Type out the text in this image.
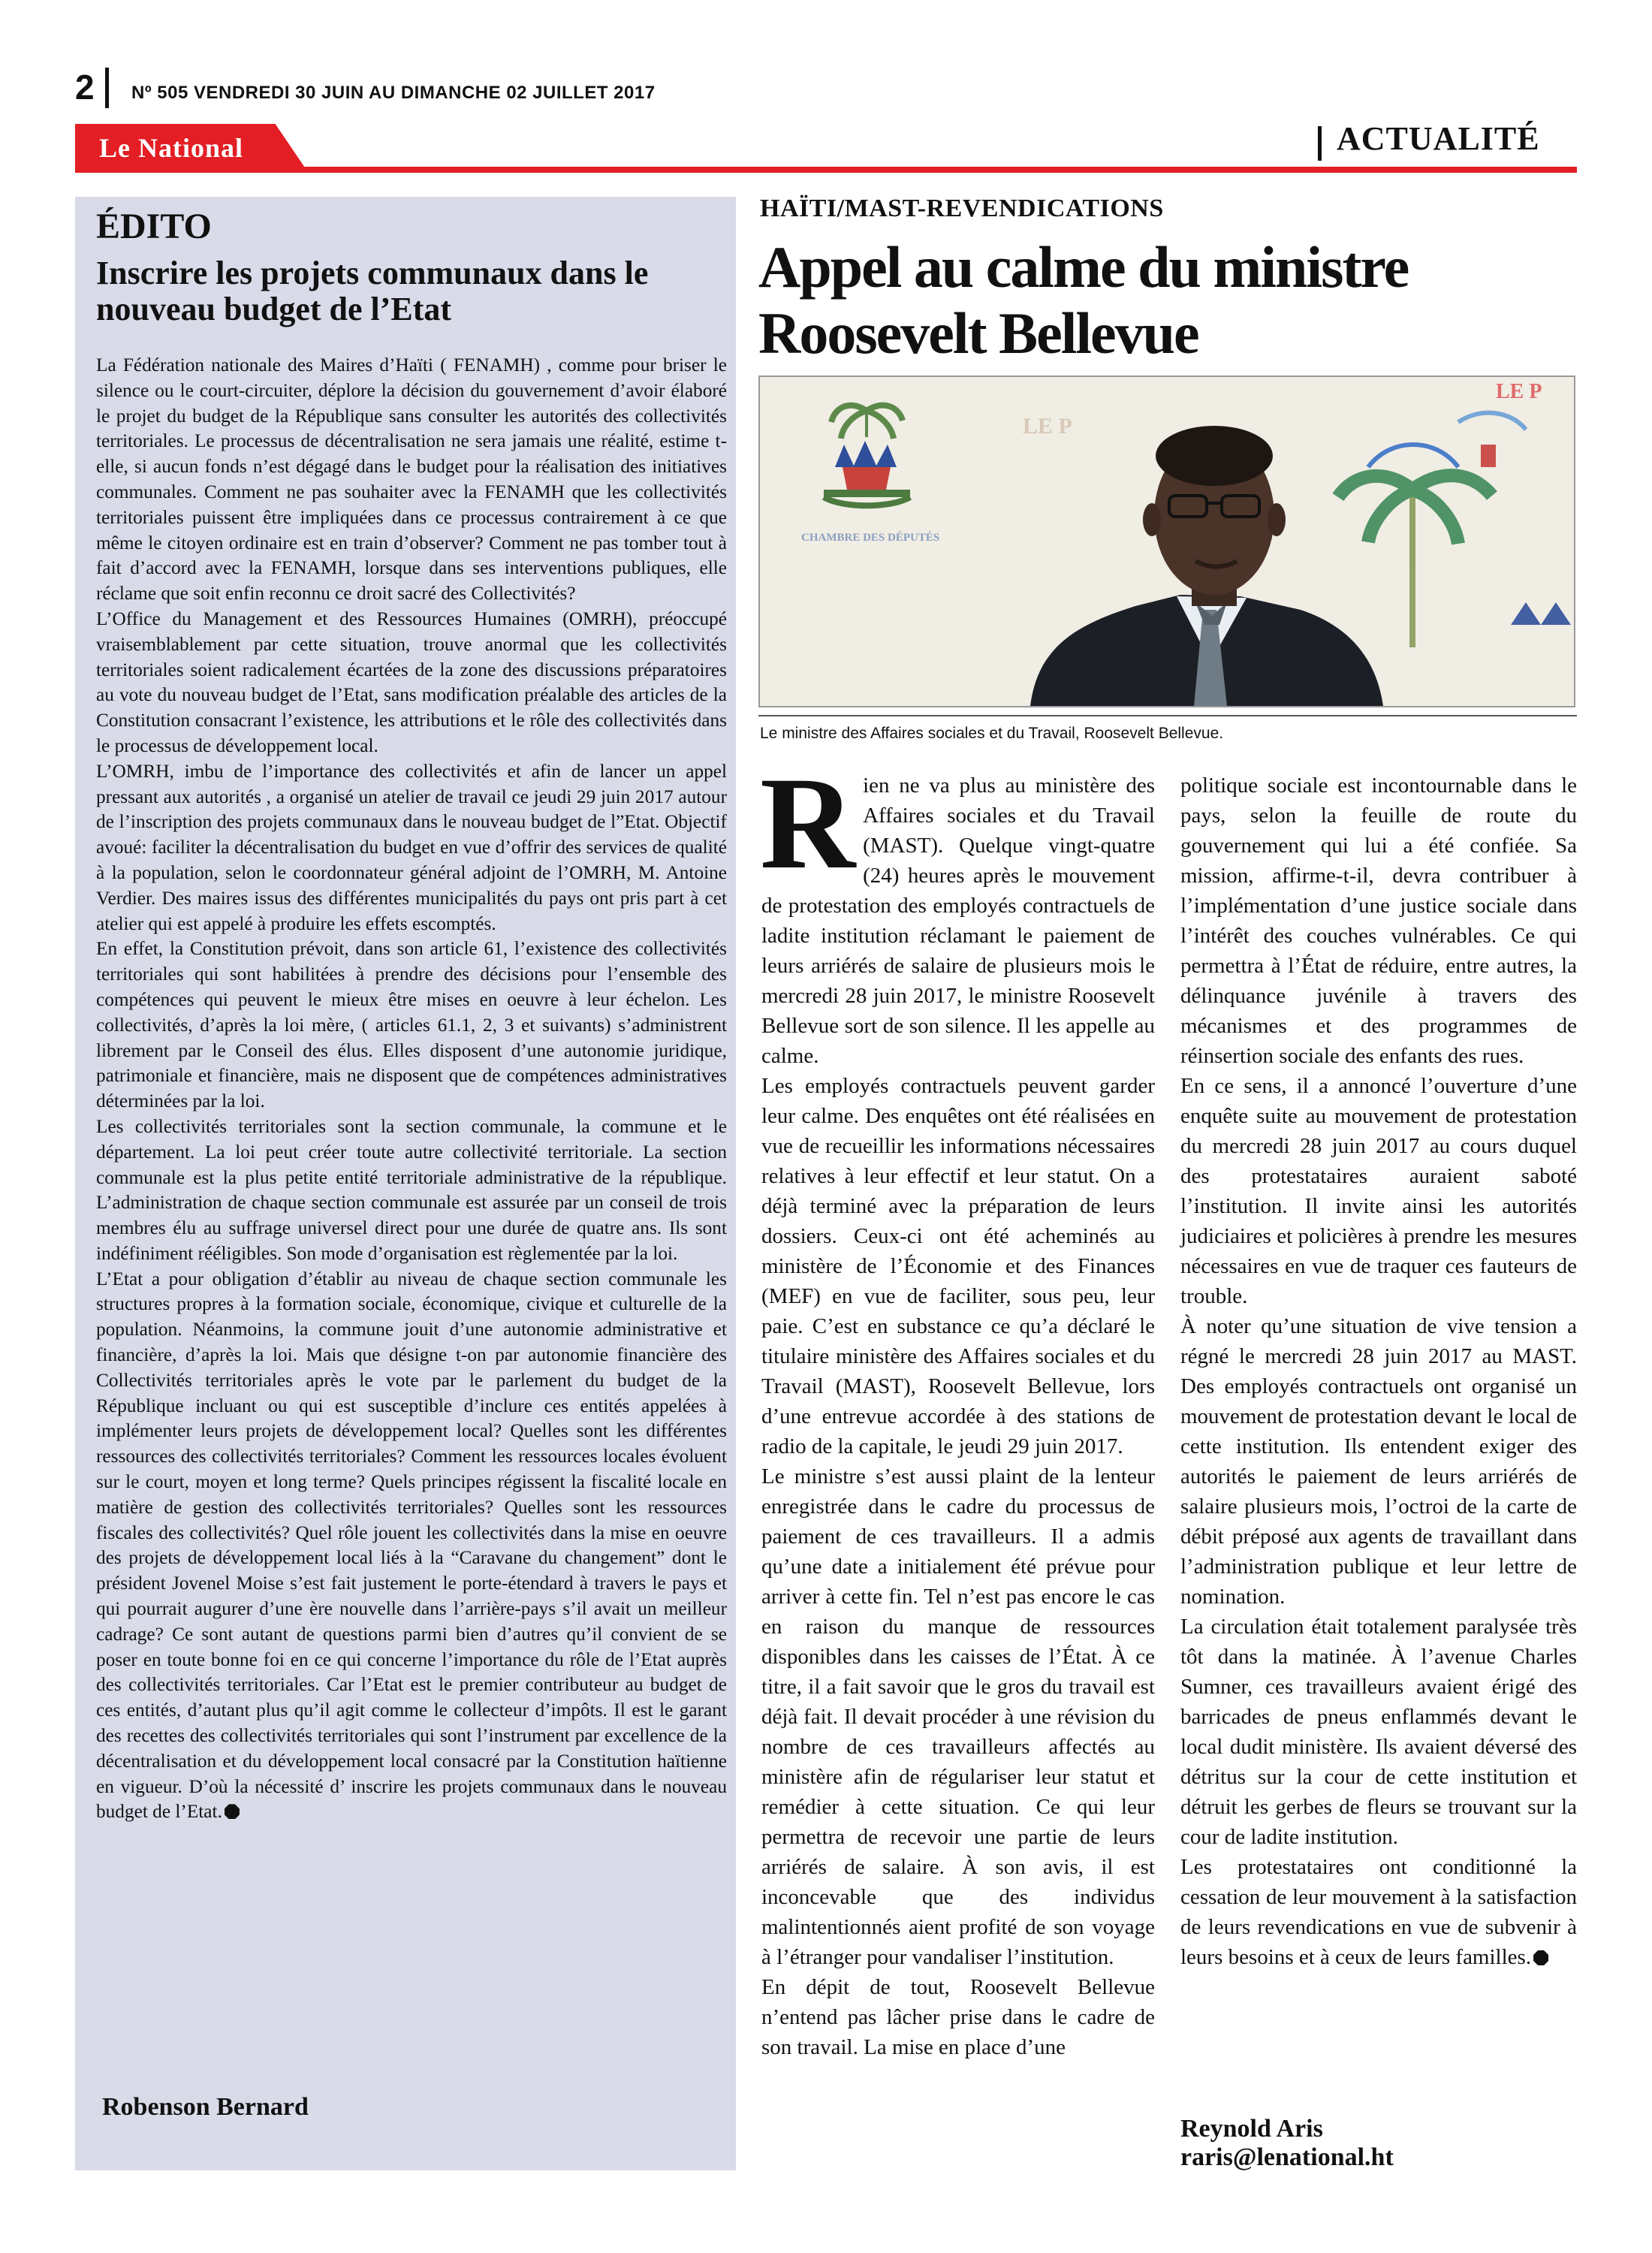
2 Nº 505 VENDREDI 30 JUIN AU DIMANCHE 02 JUILLET 2017
Le National	ACTUALITÉ
ÉDITO
Inscrire les projets communaux dans le nouveau budget de l’Etat

La Fédération nationale des Maires d’Haïti ( FENAMH) , comme pour briser le silence ou le court-circuiter, déplore la décision du gouvernement d’avoir élaboré le projet du budget de la République sans consulter les autorités des collectivités territoriales. Le processus de décentralisation ne sera jamais une réalité, estime t-elle, si aucun fonds n’est dégagé dans le budget pour la réalisation des initiatives communales. Comment ne pas souhaiter avec la FENAMH que les collectivités territoriales puissent être impliquées dans ce processus contrairement à ce que même le citoyen ordinaire est en train d’observer? Comment ne pas tomber tout à fait d’accord avec la FENAMH, lorsque dans ses interventions publiques, elle réclame que soit enfin reconnu ce droit sacré des Collectivités?

L’Office du Management et des Ressources Humaines (OMRH), préoccupé vraisemblablement par cette situation, trouve anormal que les collectivités territoriales soient radicalement écartées de la zone des discussions préparatoires au vote du nouveau budget de l’Etat, sans modification préalable des articles de la Constitution consacrant l’existence, les attributions et le rôle des collectivités dans le processus de développement local.

L’OMRH, imbu de l’importance des collectivités et afin de lancer un appel pressant aux autorités , a organisé un atelier de travail ce jeudi 29 juin 2017 autour de l’inscription des projets communaux dans le nouveau budget de l”Etat. Objectif avoué: faciliter la décentralisation du budget en vue d’offrir des services de qualité à la population, selon le coordonnateur général adjoint de l’OMRH, M. Antoine Verdier. Des maires issus des différentes municipalités du pays ont pris part à cet atelier qui est appelé à produire les effets escomptés.

En effet, la Constitution prévoit, dans son article 61, l’existence des collectivités territoriales qui sont habilitées à prendre des décisions pour l’ensemble des compétences qui peuvent le mieux être mises en oeuvre à leur échelon. Les collectivités, d’après la loi mère, ( articles 61.1, 2, 3 et suivants) s’administrent librement par le Conseil des élus. Elles disposent d’une autonomie juridique, patrimoniale et financière, mais ne disposent que de compétences administratives déterminées par la loi.

Les collectivités territoriales sont la section communale, la commune et le département. La loi peut créer toute autre collectivité territoriale. La section communale est la plus petite entité territoriale administrative de la république. L’administration de chaque section communale est assurée par un conseil de trois membres élu au suffrage universel direct pour une durée de quatre ans. Ils sont indéfiniment rééligibles. Son mode d’organisation est règlementée par la loi.

L’Etat a pour obligation d’établir au niveau de chaque section communale les structures propres à la formation sociale, économique, civique et culturelle de la population. Néanmoins, la commune jouit d’une autonomie administrative et financière, d’après la loi. Mais que désigne t-on par autonomie financière des Collectivités territoriales après le vote par le parlement du budget de la République incluant ou qui est susceptible d’inclure ces entités appelées à implémenter leurs projets de développement local? Quelles sont les différentes ressources des collectivités territoriales? Comment les ressources locales évoluent sur le court, moyen et long terme? Quels principes régissent la fiscalité locale en matière de gestion des collectivités territoriales? Quelles sont les ressources fiscales des collectivités? Quel rôle jouent les collectivités dans la mise en oeuvre des projets de développement local liés à la “Caravane du changement” dont le président Jovenel Moise s’est fait justement le porte-étendard à travers le pays et qui pourrait augurer d’une ère nouvelle dans l’arrière-pays s’il avait un meilleur cadrage? Ce sont autant de questions parmi bien d’autres qu’il convient de se poser en toute bonne foi en ce qui concerne l’importance du rôle de l’Etat auprès des collectivités territoriales. Car l’Etat est le premier contributeur au budget de ces entités, d’autant plus qu’il agit comme le collecteur d’impôts. Il est le garant des recettes des collectivités territoriales qui sont l’instrument par excellence de la décentralisation et du développement local consacré par la Constitution haïtienne en vigueur. D’où la nécessité d’ inscrire les projets communaux dans le nouveau budget de l’Etat.

Robenson Bernard
HAÏTI/MAST-REVENDICATIONS
Appel au calme du ministre Roosevelt Bellevue
LE P
LE P
CHAMBRE DES DÉPUTÉS
Le ministre des Affaires sociales et du Travail, Roosevelt Bellevue.

Rien ne va plus au ministère des Affaires sociales et du Travail (MAST). Quelque vingt-quatre (24) heures après le mouvement de protestation des employés contractuels de ladite institution réclamant le paiement de leurs arriérés de salaire de plusieurs mois le mercredi 28 juin 2017, le ministre Roosevelt Bellevue sort de son silence. Il les appelle au calme.

Les employés contractuels peuvent garder leur calme. Des enquêtes ont été réalisées en vue de recueillir les informations nécessaires relatives à leur effectif et leur statut. On a déjà terminé avec la préparation de leurs dossiers. Ceux-ci ont été acheminés au ministère de l’Économie et des Finances (MEF) en vue de faciliter, sous peu, leur paie. C’est en substance ce qu’a déclaré le titulaire ministère des Affaires sociales et du Travail (MAST), Roosevelt Bellevue, lors d’une entrevue accordée à des stations de radio de la capitale, le jeudi 29 juin 2017.

Le ministre s’est aussi plaint de la lenteur enregistrée dans le cadre du processus de paiement de ces travailleurs. Il a admis qu’une date a initialement été prévue pour arriver à cette fin. Tel n’est pas encore le cas en raison du manque de ressources disponibles dans les caisses de l’État. À ce titre, il a fait savoir que le gros du travail est déjà fait. Il devait procéder à une révision du nombre de ces travailleurs affectés au ministère afin de régulariser leur statut et remédier à cette situation. Ce qui leur permettra de recevoir une partie de leurs arriérés de salaire. À son avis, il est inconcevable que des individus malintentionnés aient profité de son voyage à l’étranger pour vandaliser l’institution.

En dépit de tout, Roosevelt Bellevue n’entend pas lâcher prise dans le cadre de son travail. La mise en place d’une

politique sociale est incontournable dans le pays, selon la feuille de route du gouvernement qui lui a été confiée. Sa mission, affirme-t-il, devra contribuer à l’implémentation d’une justice sociale dans l’intérêt des couches vulnérables. Ce qui permettra à l’État de réduire, entre autres, la délinquance juvénile à travers des mécanismes et des programmes de réinsertion sociale des enfants des rues.

En ce sens, il a annoncé l’ouverture d’une enquête suite au mouvement de protestation du mercredi 28 juin 2017 au cours duquel des protestataires auraient saboté l’institution. Il invite ainsi les autorités judiciaires et policières à prendre les mesures nécessaires en vue de traquer ces fauteurs de trouble.

À noter qu’une situation de vive tension a régné le mercredi 28 juin 2017 au MAST. Des employés contractuels ont organisé un mouvement de protestation devant le local de cette institution. Ils entendent exiger des autorités le paiement de leurs arriérés de salaire plusieurs mois, l’octroi de la carte de débit préposé aux agents de travaillant dans l’administration publique et leur lettre de nomination.

La circulation était totalement paralysée très tôt dans la matinée. À l’avenue Charles Sumner, ces travailleurs avaient érigé des barricades de pneus enflammés devant le local dudit ministère. Ils avaient déversé des détritus sur la cour de cette institution et détruit les gerbes de fleurs se trouvant sur la cour de ladite institution.

Les protestataires ont conditionné la cessation de leur mouvement à la satisfaction de leurs revendications en vue de subvenir à leurs besoins et à ceux de leurs familles.

Reynold Aris
raris@lenational.ht
